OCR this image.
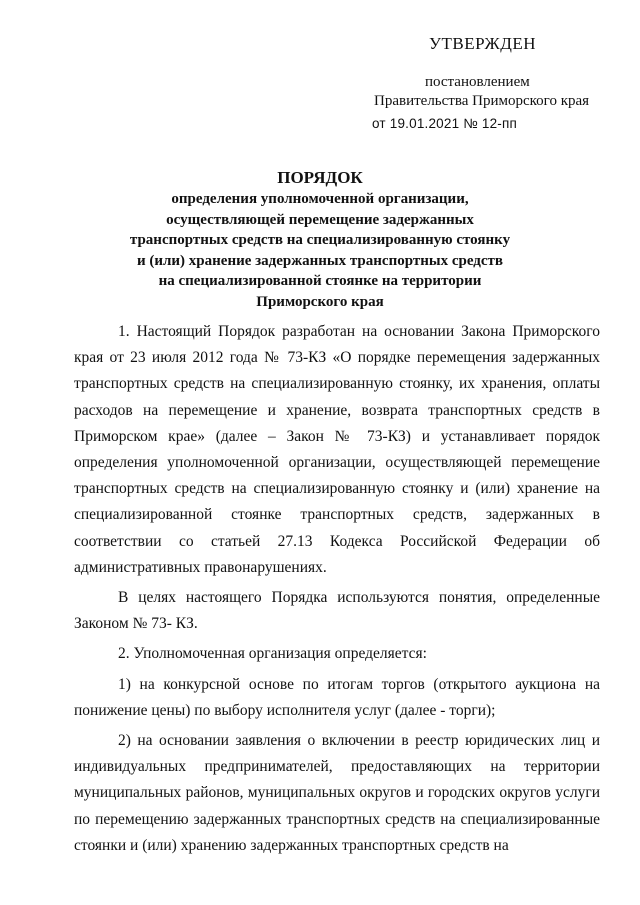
УТВЕРЖДЕН
постановлением
Правительства Приморского края
от 19.01.2021 № 12-пп
ПОРЯДОК
определения уполномоченной организации,
осуществляющей перемещение задержанных
транспортных средств на специализированную стоянку
и (или) хранение задержанных транспортных средств
на специализированной стоянке на территории
Приморского края

1. Настоящий Порядок разработан на основании Закона Приморского края от 23 июля 2012 года № 73-КЗ «О порядке перемещения задержанных транспортных средств на специализированную стоянку, их хранения, оплаты расходов на перемещение и хранение, возврата транспортных средств в Приморском крае» (далее – Закон № 73-КЗ) и устанавливает порядок определения уполномоченной организации, осуществляющей перемещение транспортных средств на специализированную стоянку и (или) хранение на специализированной стоянке транспортных средств, задержанных в соответствии со статьей 27.13 Кодекса Российской Федерации об административных правонарушениях.

В целях настоящего Порядка используются понятия, определенные Законом № 73- КЗ.

2. Уполномоченная организация определяется:

1) на конкурсной основе по итогам торгов (открытого аукциона на понижение цены) по выбору исполнителя услуг (далее - торги);

2) на основании заявления о включении в реестр юридических лиц и индивидуальных предпринимателей, предоставляющих на территории муниципальных районов, муниципальных округов и городских округов услуги по перемещению задержанных транспортных средств на специализированные стоянки и (или) хранению задержанных транспортных средств на
